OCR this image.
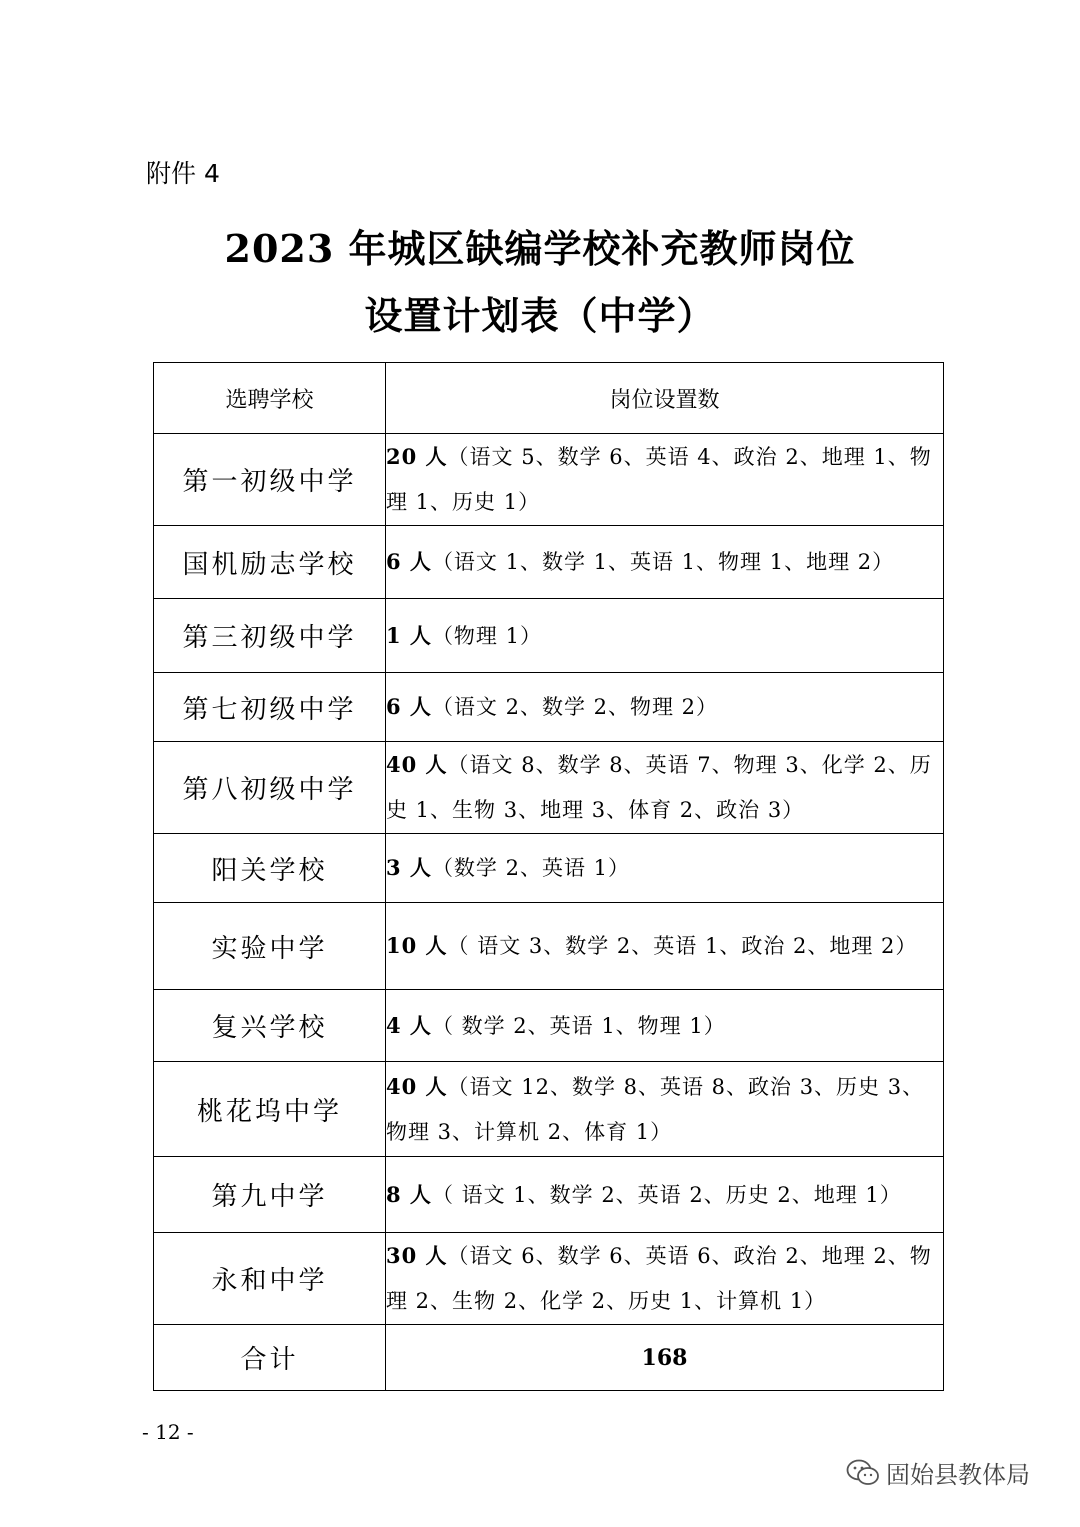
附件 4
2023 年城区缺编学校补充教师岗位
设置计划表（中学）
选聘学校	岗位设置数
第一初级中学	20 人（语文 5、数学 6、英语 4、政治 2、地理 1、物理 1、历史 1）
国机励志学校	6 人（语文 1、数学 1、英语 1、物理 1、地理 2）
第三初级中学	1 人（物理 1）
第七初级中学	6 人（语文 2、数学 2、物理 2）
第八初级中学	40 人（语文 8、数学 8、英语 7、物理 3、化学 2、历史 1、生物 3、地理 3、体育 2、政治 3）
阳关学校	3 人（数学 2、英语 1）
实验中学	10 人（ 语文 3、数学 2、英语 1、政治 2、地理 2）
复兴学校	4 人（ 数学 2、英语 1、物理 1）
桃花坞中学	40 人（语文 12、数学 8、英语 8、政治 3、历史 3、物理 3、计算机 2、体育 1）
第九中学	8 人（ 语文 1、数学 2、英语 2、历史 2、地理 1）
永和中学	30 人（语文 6、数学 6、英语 6、政治 2、地理 2、物理 2、生物 2、化学 2、历史 1、计算机 1）
合计	168
- 12 -
固始县教体局
